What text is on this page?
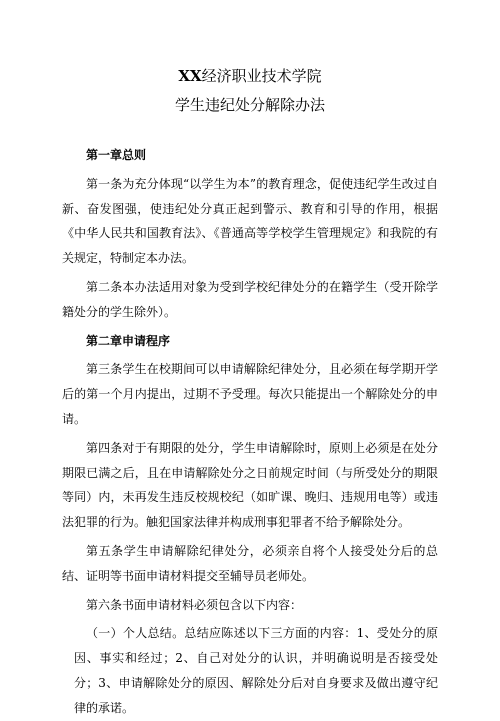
XX经济职业技术学院
学生违纪处分解除办法

第一章总则

第一条为充分体现“以学生为本”的教育理念，促使违纪学生改过自新、奋发图强，使违纪处分真正起到警示、教育和引导的作用，根据《中华人民共和国教育法》、《普通高等学校学生管理规定》和我院的有关规定，特制定本办法。

第二条本办法适用对象为受到学校纪律处分的在籍学生（受开除学籍处分的学生除外）。

第二章申请程序

第三条学生在校期间可以申请解除纪律处分，且必须在每学期开学后的第一个月内提出，过期不予受理。每次只能提出一个解除处分的申请。

第四条对于有期限的处分，学生申请解除时，原则上必须是在处分期限已满之后，且在申请解除处分之日前规定时间（与所受处分的期限等同）内，未再发生违反校规校纪（如旷课、晚归、违规用电等）或违法犯罪的行为。触犯国家法律并构成刑事犯罪者不给予解除处分。

第五条学生申请解除纪律处分，必须亲自将个人接受处分后的总结、证明等书面申请材料提交至辅导员老师处。

第六条书面申请材料必须包含以下内容：

（一）个人总结。总结应陈述以下三方面的内容：1、受处分的原因、事实和经过；2、自己对处分的认识，并明确说明是否接受处分；3、申请解除处分的原因、解除处分后对自身要求及做出遵守纪律的承诺。
